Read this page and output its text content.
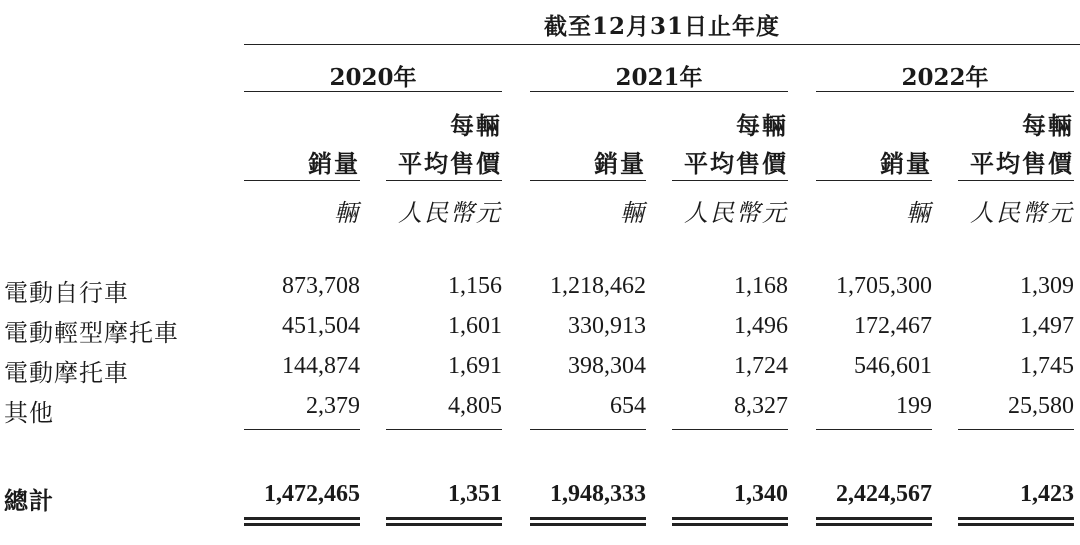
截至12月31日止年度
2020年	2021年	2022年
每輛	每輛	每輛
銷量	平均售價	銷量	平均售價	銷量	平均售價
輛	人民幣元	輛	人民幣元	輛	人民幣元
電動自行車	873,708	1,156	1,218,462	1,168	1,705,300	1,309
電動輕型摩托車	451,504	1,601	330,913	1,496	172,467	1,497
電動摩托車	144,874	1,691	398,304	1,724	546,601	1,745
其他	2,379	4,805	654	8,327	199	25,580
總計	1,472,465	1,351	1,948,333	1,340	2,424,567	1,423
